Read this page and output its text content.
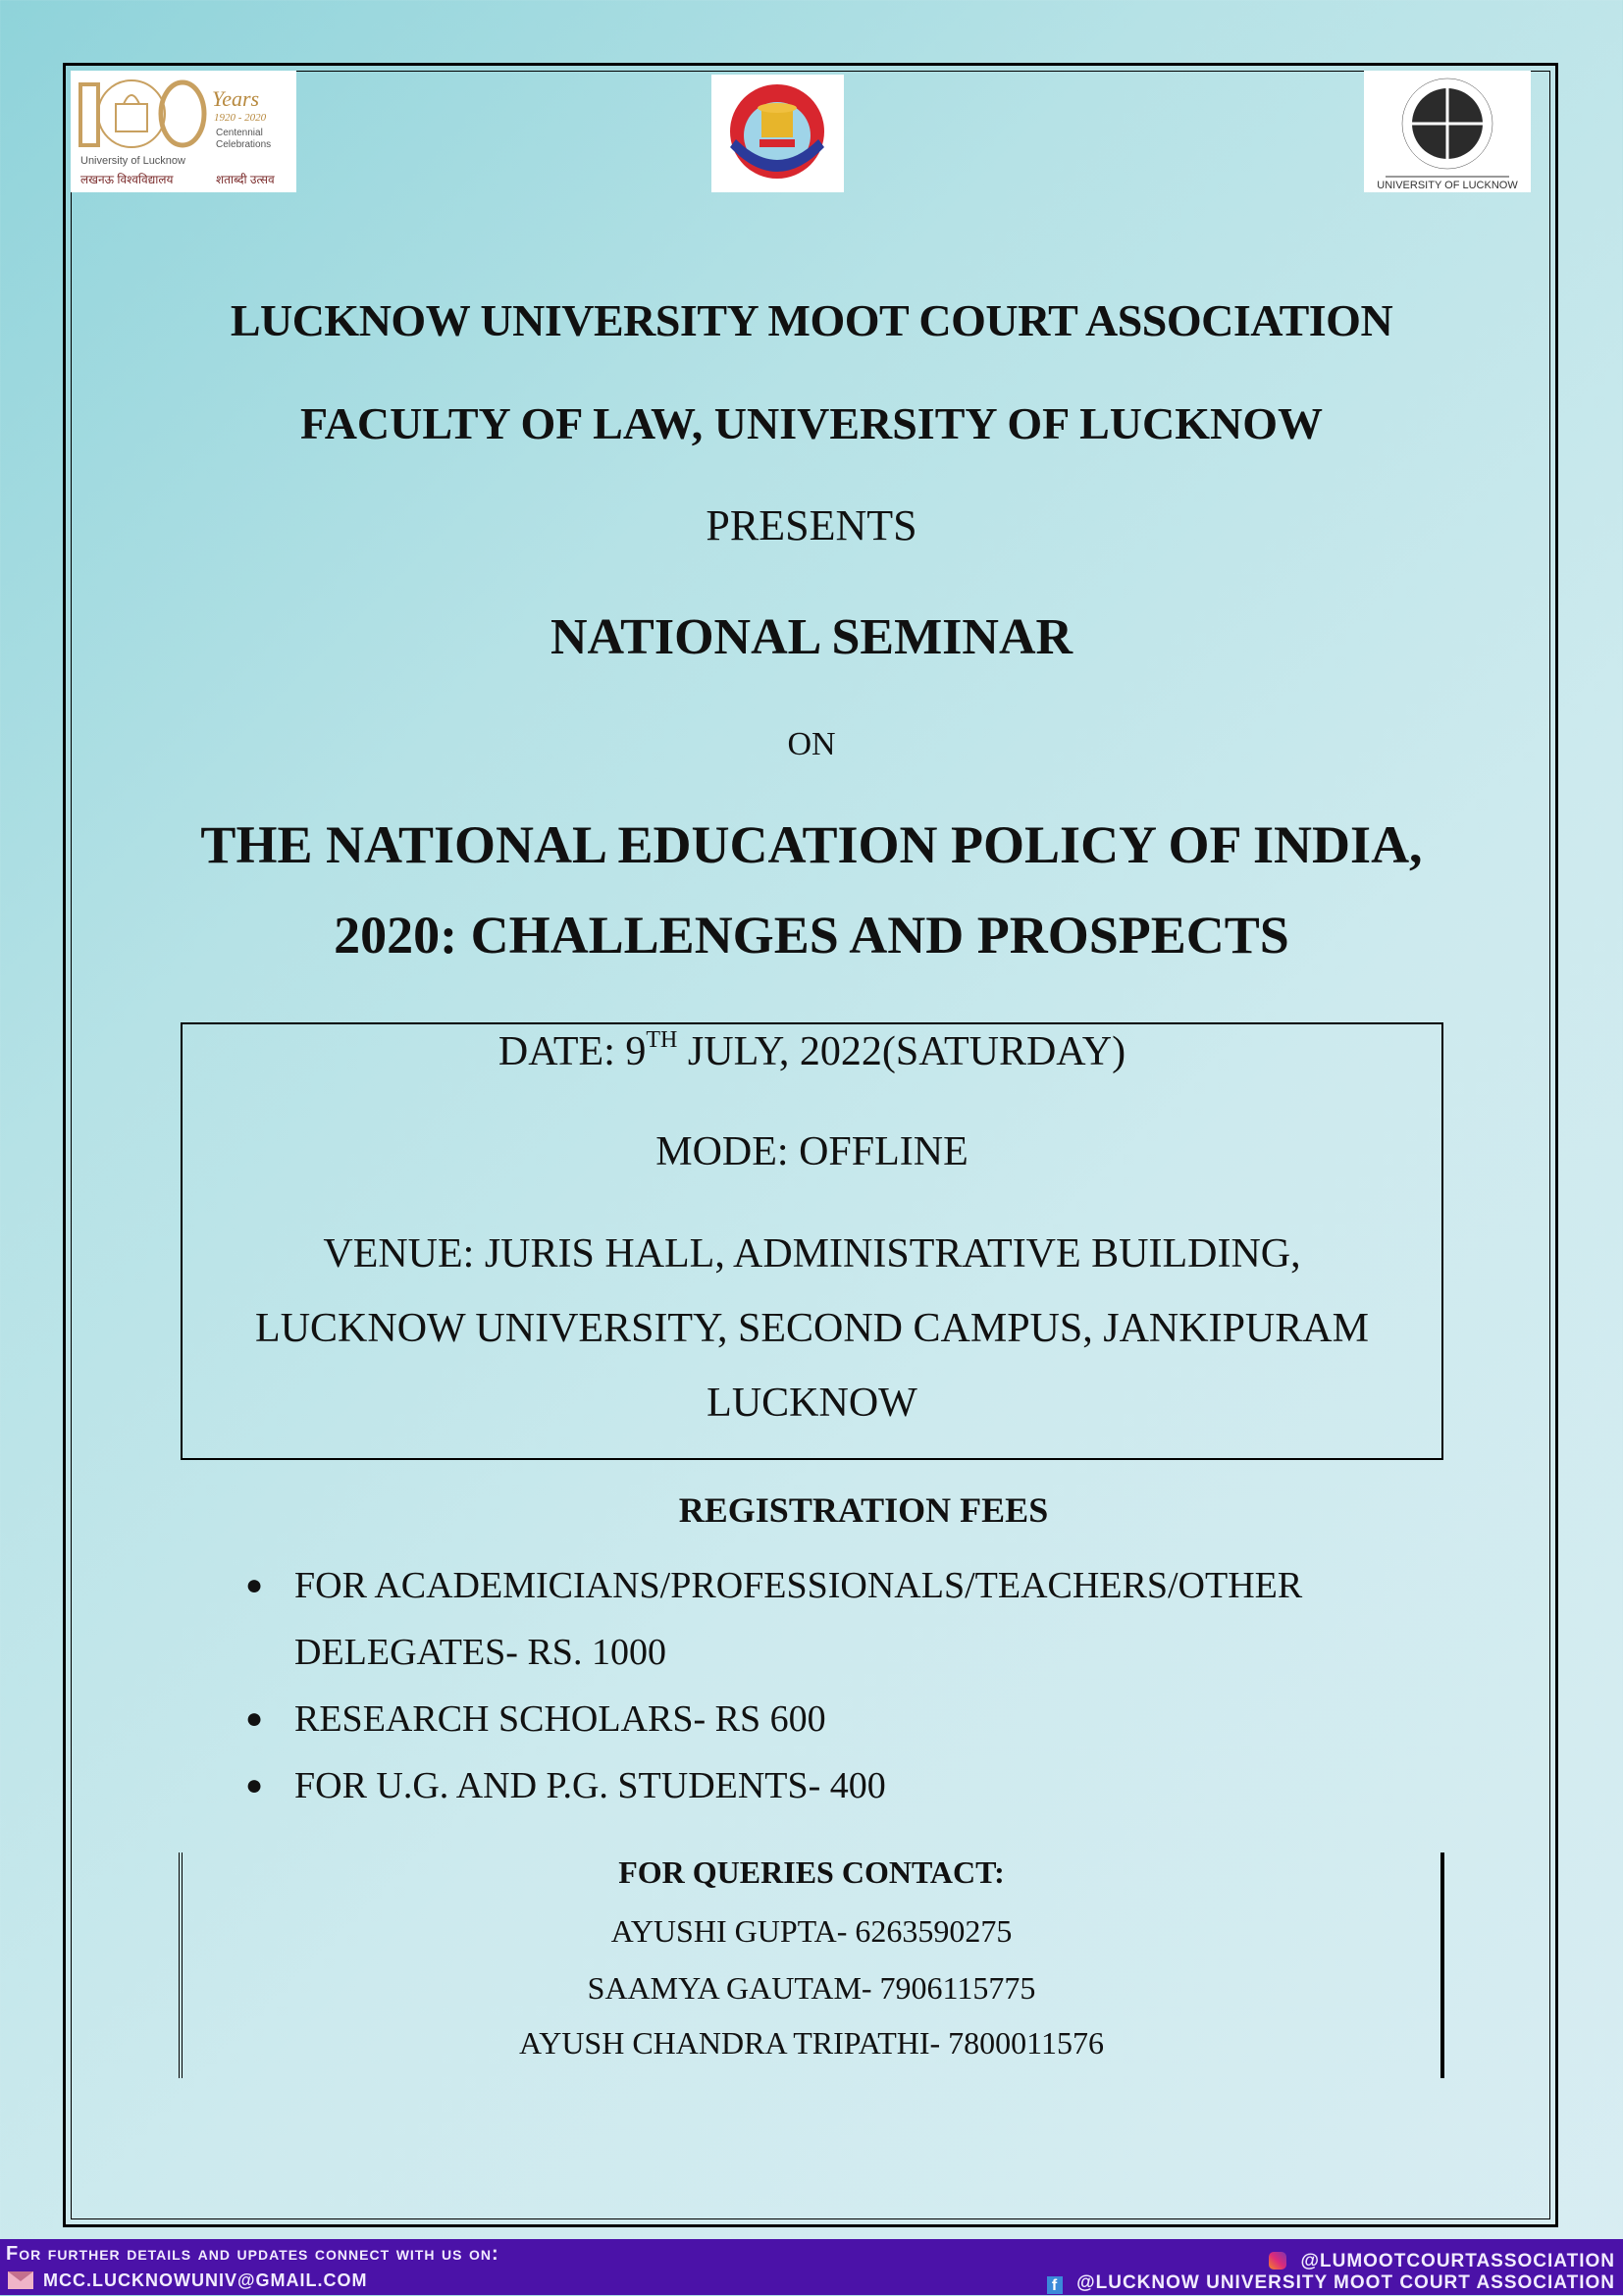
Years
1920 - 2020
Centennial Celebrations
University of Lucknow
लखनऊ विश्वविद्यालय	शताब्दी उत्सव	UNIVERSITY OF LUCKNOW
LUCKNOW UNIVERSITY MOOT COURT ASSOCIATION
FACULTY OF LAW, UNIVERSITY OF LUCKNOW
PRESENTS
NATIONAL SEMINAR
ON
THE NATIONAL EDUCATION POLICY OF INDIA,
2020: CHALLENGES AND PROSPECTS
DATE: 9TH JULY, 2022(SATURDAY)
MODE: OFFLINE
VENUE: JURIS HALL, ADMINISTRATIVE BUILDING,
LUCKNOW UNIVERSITY, SECOND CAMPUS, JANKIPURAM
LUCKNOW
REGISTRATION FEES
● FOR ACADEMICIANS/PROFESSIONALS/TEACHERS/OTHER DELEGATES- RS. 1000
● RESEARCH SCHOLARS- RS 600
● FOR U.G. AND P.G. STUDENTS- 400
FOR QUERIES CONTACT:
AYUSHI GUPTA- 6263590275
SAAMYA GAUTAM- 7906115775
AYUSH CHANDRA TRIPATHI- 7800011576
For further details and updates connect with us on:
MCC.LUCKNOWUNIV@GMAIL.COM
@LUMOOTCOURTASSOCIATION
f @LUCKNOW UNIVERSITY MOOT COURT ASSOCIATION
